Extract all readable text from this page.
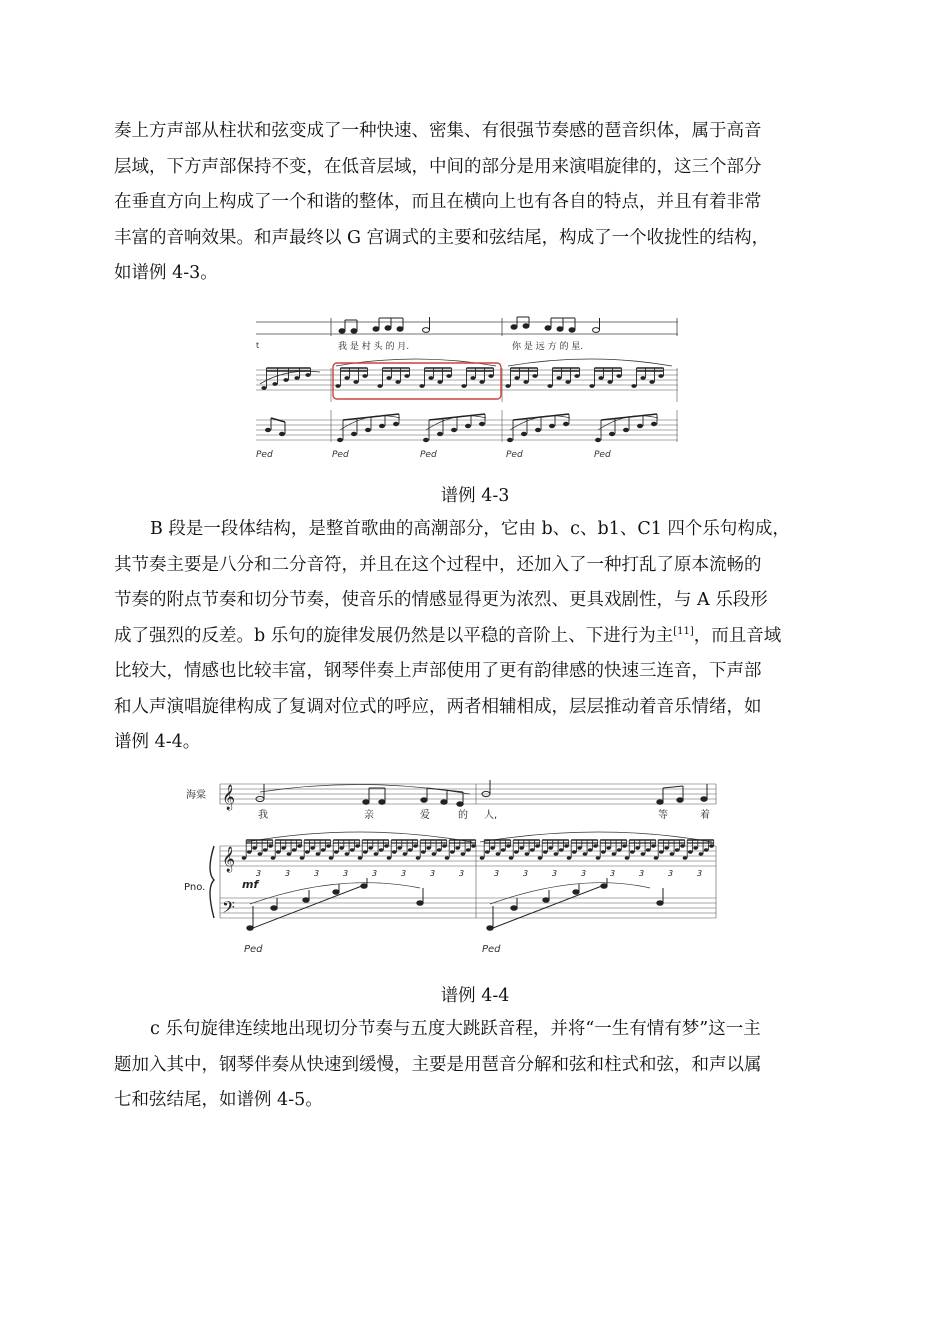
奏上方声部从柱状和弦变成了一种快速、密集、有很强节奏感的琶音织体，属于高音
层域，下方声部保持不变，在低音层域，中间的部分是用来演唱旋律的，这三个部分
在垂直方向上构成了一个和谐的整体，而且在横向上也有各自的特点，并且有着非常
丰富的音响效果。和声最终以 G 宫调式的主要和弦结尾，构成了一个收拢性的结构，
如谱例 4-3。
t	我 是 村 头 的 月.	你 是 远 方 的 星.
Ped	Ped	Ped	Ped	Ped
谱例 4-3
B 段是一段体结构，是整首歌曲的高潮部分，它由 b、c、b1、C1 四个乐句构成，
其节奏主要是八分和二分音符，并且在这个过程中，还加入了一种打乱了原本流畅的
节奏的附点节奏和切分节奏，使音乐的情感显得更为浓烈、更具戏剧性，与 A 乐段形
成了强烈的反差。b 乐句的旋律发展仍然是以平稳的音阶上、下进行为主[11]，而且音域
比较大，情感也比较丰富，钢琴伴奏上声部使用了更有韵律感的快速三连音，下声部
和人声演唱旋律构成了复调对位式的呼应，两者相辅相成，层层推动着音乐情绪，如
谱例 4-4。
海棠
Pno.
𝄞
我	亲	爱	的 人,	等	着
𝄞
3	3	3	3	3	3	3	3	3	3	3	3	3	3	3	3
mf
𝄢
Ped	Ped
谱例 4-4
c 乐句旋律连续地出现切分节奏与五度大跳跃音程，并将“一生有情有梦”这一主
题加入其中，钢琴伴奏从快速到缓慢，主要是用琶音分解和弦和柱式和弦，和声以属
七和弦结尾，如谱例 4-5。
